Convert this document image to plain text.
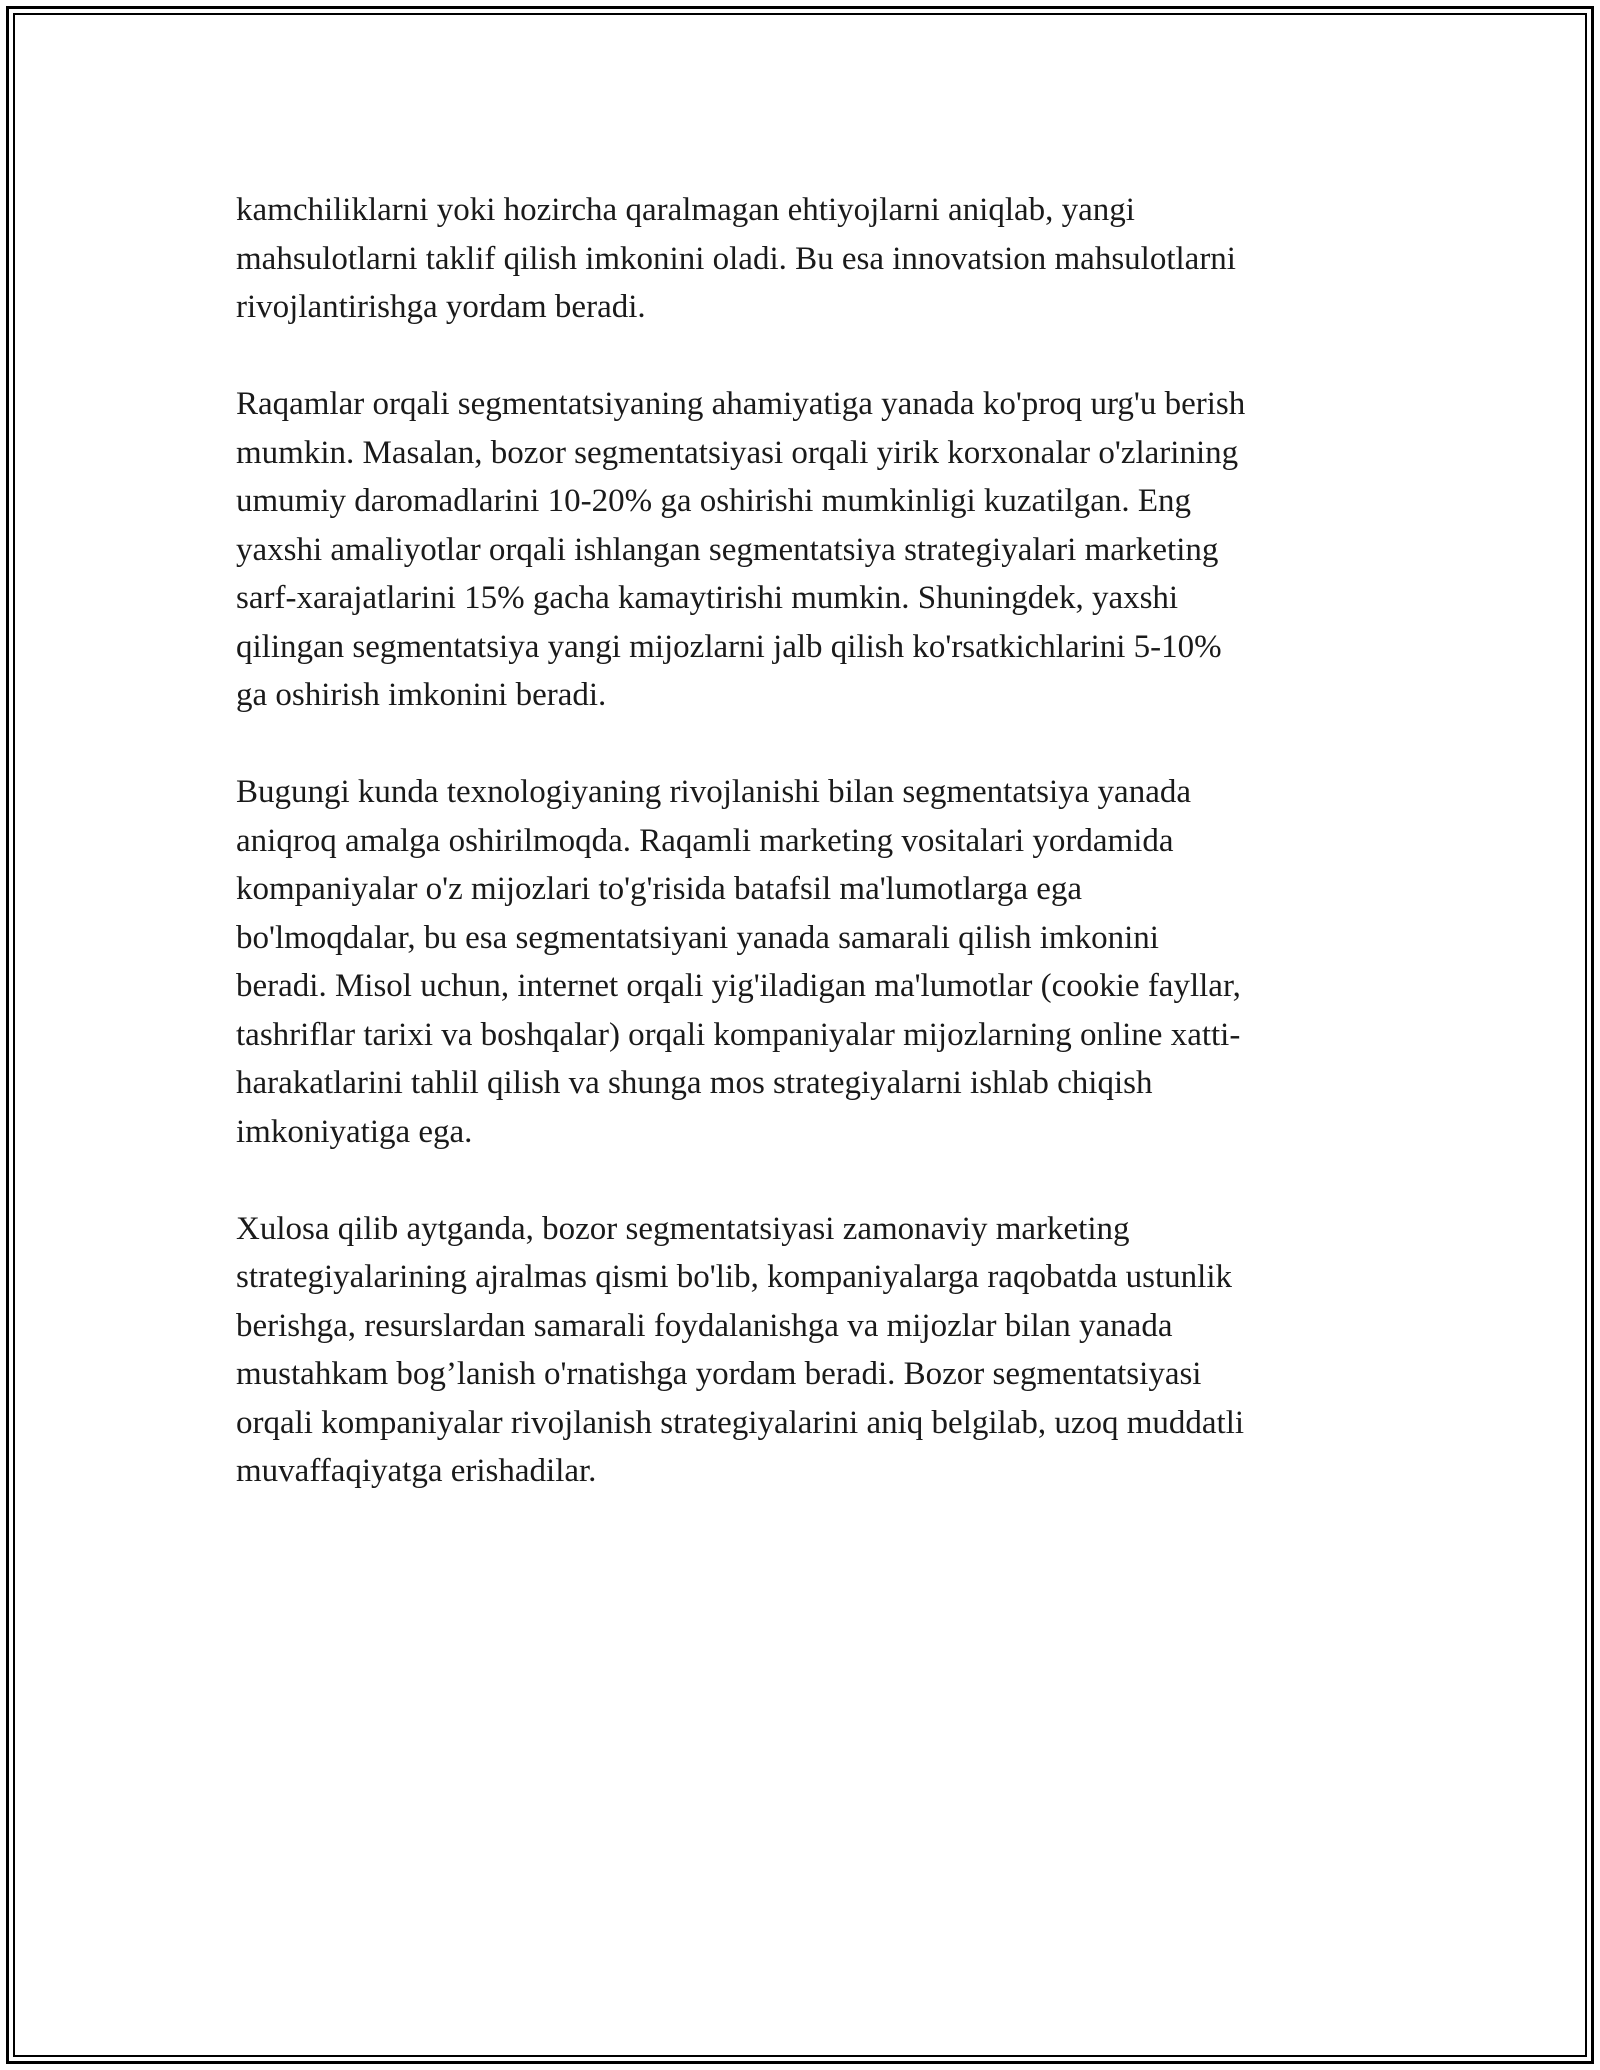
kamchiliklarni yoki hozircha qaralmagan ehtiyojlarni aniqlab, yangi
mahsulotlarni taklif qilish imkonini oladi. Bu esa innovatsion mahsulotlarni
rivojlantirishga yordam beradi.

Raqamlar orqali segmentatsiyaning ahamiyatiga yanada ko'proq urg'u berish
mumkin. Masalan, bozor segmentatsiyasi orqali yirik korxonalar o'zlarining
umumiy daromadlarini 10-20% ga oshirishi mumkinligi kuzatilgan. Eng
yaxshi amaliyotlar orqali ishlangan segmentatsiya strategiyalari marketing
sarf-xarajatlarini 15% gacha kamaytirishi mumkin. Shuningdek, yaxshi
qilingan segmentatsiya yangi mijozlarni jalb qilish ko'rsatkichlarini 5-10%
ga oshirish imkonini beradi.

Bugungi kunda texnologiyaning rivojlanishi bilan segmentatsiya yanada
aniqroq amalga oshirilmoqda. Raqamli marketing vositalari yordamida
kompaniyalar o'z mijozlari to'g'risida batafsil ma'lumotlarga ega
bo'lmoqdalar, bu esa segmentatsiyani yanada samarali qilish imkonini
beradi. Misol uchun, internet orqali yig'iladigan ma'lumotlar (cookie fayllar,
tashriflar tarixi va boshqalar) orqali kompaniyalar mijozlarning online xatti-
harakatlarini tahlil qilish va shunga mos strategiyalarni ishlab chiqish
imkoniyatiga ega.

Xulosa qilib aytganda, bozor segmentatsiyasi zamonaviy marketing
strategiyalarining ajralmas qismi bo'lib, kompaniyalarga raqobatda ustunlik
berishga, resurslardan samarali foydalanishga va mijozlar bilan yanada
mustahkam bog’lanish o'rnatishga yordam beradi. Bozor segmentatsiyasi
orqali kompaniyalar rivojlanish strategiyalarini aniq belgilab, uzoq muddatli
muvaffaqiyatga erishadilar.
